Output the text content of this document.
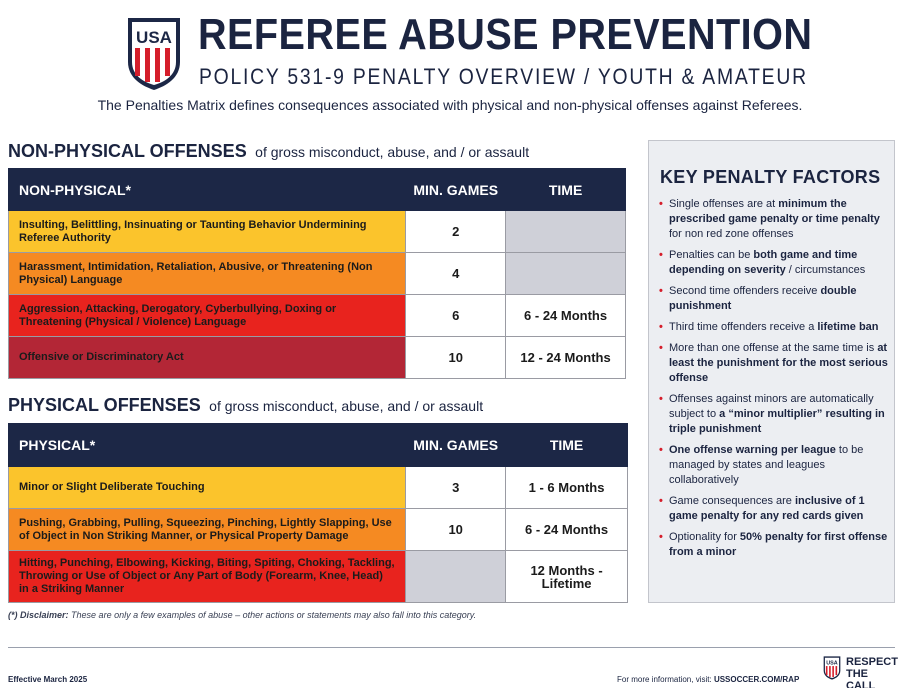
USA REFEREE ABUSE PREVENTION
POLICY 531-9 PENALTY OVERVIEW / YOUTH & AMATEUR
The Penalties Matrix defines consequences associated with physical and non-physical offenses against Referees.
NON-PHYSICAL OFFENSES of gross misconduct, abuse, and / or assault
NON-PHYSICAL*	MIN. GAMES	TIME
Insulting, Belittling, Insinuating or Taunting Behavior Undermining Referee Authority	2	
Harassment, Intimidation, Retaliation, Abusive, or Threatening (Non Physical) Language	4	
Aggression, Attacking, Derogatory, Cyberbullying, Doxing or Threatening (Physical / Violence) Language	6	6 - 24 Months
Offensive or Discriminatory Act	10	12 - 24 Months
PHYSICAL OFFENSES of gross misconduct, abuse, and / or assault
PHYSICAL*	MIN. GAMES	TIME
Minor or Slight Deliberate Touching	3	1 - 6 Months
Pushing, Grabbing, Pulling, Squeezing, Pinching, Lightly Slapping, Use of Object in Non Striking Manner, or Physical Property Damage	10	6 - 24 Months
Hitting, Punching, Elbowing, Kicking, Biting, Spiting, Choking, Tackling, Throwing or Use of Object or Any Part of Body (Forearm, Knee, Head) in a Striking Manner		12 Months - Lifetime
KEY PENALTY FACTORS
• Single offenses are at minimum the prescribed game penalty or time penalty for non red zone offenses
• Penalties can be both game and time depending on severity / circumstances
• Second time offenders receive double punishment
• Third time offenders receive a lifetime ban
• More than one offense at the same time is at least the punishment for the most serious offense
• Offenses against minors are automatically subject to a “minor multiplier” resulting in triple punishment
• One offense warning per league to be managed by states and leagues collaboratively
• Game consequences are inclusive of 1 game penalty for any red cards given
• Optionality for 50% penalty for first offense from a minor
(*) Disclaimer: These are only a few examples of abuse – other actions or statements may also fall into this category.
Effective March 2025	For more information, visit: USSOCCER.COM/RAP
USA RESPECT
THE CALL
